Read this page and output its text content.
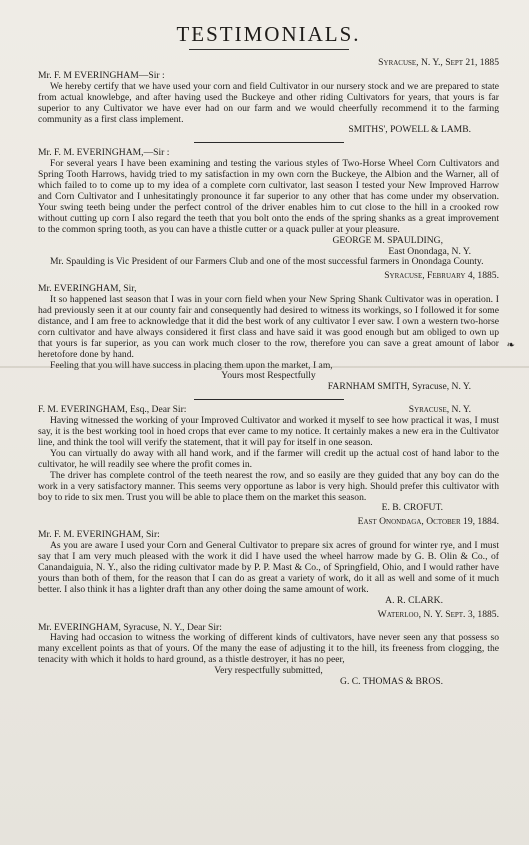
❧
TESTIMONIALS.

Syracuse, N. Y., Sept 21, 1885

Mr. F. M EVERINGHAM—Sir :

We hereby certify that we have used your corn and field Cultivator in our nursery stock and we are prepared to state from actual knowlebge, and after having used the Buckeye and other riding Cultivators for years, that yours is far superior to any Cultivator we have ever had on our farm and we would cheerfully recommend it to the farming community as a first class implement.

SMITHS', POWELL & LAMB.

Mr. F. M. EVERINGHAM,—Sir :

For several years I have been examining and testing the various styles of Two-Horse Wheel Corn Cultivators and Spring Tooth Harrows, havidg tried to my satisfaction in my own corn the Buckeye, the Albion and the Warner, all of which failed to to come up to my idea of a complete corn cultivator, last season I tested your New Improved Harrow and Corn Cultivator and I unhesitatingly pronounce it far superior to any other that has come under my observation. Your swing teeth being under the perfect control of the driver enables him to cut close to the hill in a crooked row without cutting up corn I also regard the teeth that you bolt onto the ends of the spring shanks as a great improvement to the common spring tooth, as you can have a thistle cutter or a quack puller at your pleasure.

GEORGE M. SPAULDING,

East Onondaga, N. Y.

Mr. Spaulding is Vic President of our Farmers Club and one of the most successful farmers in Onondaga County.

Syracuse, February 4, 1885.

Mr. EVERINGHAM, Sir,

It so happened last season that I was in your corn field when your New Spring Shank Cultivator was in operation. I had previously seen it at our county fair and consequently had desired to witness its workings, so I followed it for some distance, and I am free to acknowledge that it did the best work of any cultivator I ever saw. I own a western two-horse corn cultivator and have always considered it first class and have said it was good enough but am obliged to own up that yours is far superior, as you can work much closer to the row, therefore you can save a great amount of labor heretofore done by hand.

Feeling that you will have success in placing them upon the market, I am,

Yours most Respectfully

FARNHAM SMITH, Syracuse, N. Y.

F. M. EVERINGHAM, Esq., Dear Sir:	Syracuse, N. Y.

Having witnessed the working of your Improved Cultivator and worked it myself to see how practical it was, I must say, it is the best working tool in hoed crops that ever came to my notice. It certainly makes a new era in the Cultivator line, and think the tool will verify the statement, that it will pay for itself in one season.

You can virtually do away with all hand work, and if the farmer will credit up the actual cost of hand labor to the cultivator, he will readily see where the profit comes in.

The driver has complete control of the teeth nearest the row, and so easily are they guided that any boy can do the work in a very satisfactory manner. This seems very opportune as labor is very high. Should prefer this cultivator with boy to ride to six men. Trust you will be able to place them on the market this season.

E. B. CROFUT.

East Onondaga, October 19, 1884.

Mr. F. M. EVERINGHAM, Sir:

As you are aware I used your Corn and General Cultivator to prepare six acres of ground for winter rye, and I must say that I am very much pleased with the work it did I have used the wheel harrow made by G. B. Olin & Co., of Canandaiguia, N. Y., also the riding cultivator made by P. P. Mast & Co., of Springfield, Ohio, and I would rather have yours than both of them, for the reason that I can do as great a variety of work, do it all as well and some of it much better. I also think it has a lighter draft than any other doing the same amount of work.

A. R. CLARK.

Waterloo, N. Y. Sept. 3, 1885.

Mr. EVERINGHAM, Syracuse, N. Y., Dear Sir:

Having had occasion to witness the working of different kinds of cultivators, have never seen any that possess so many excellent points as that of yours. Of the many the ease of adjusting it to the hill, its freeness from clogging, the tenacity with which it holds to hard ground, as a thistle destroyer, it has no peer,

Very respectfully submitted,

G. C. THOMAS & BROS.
